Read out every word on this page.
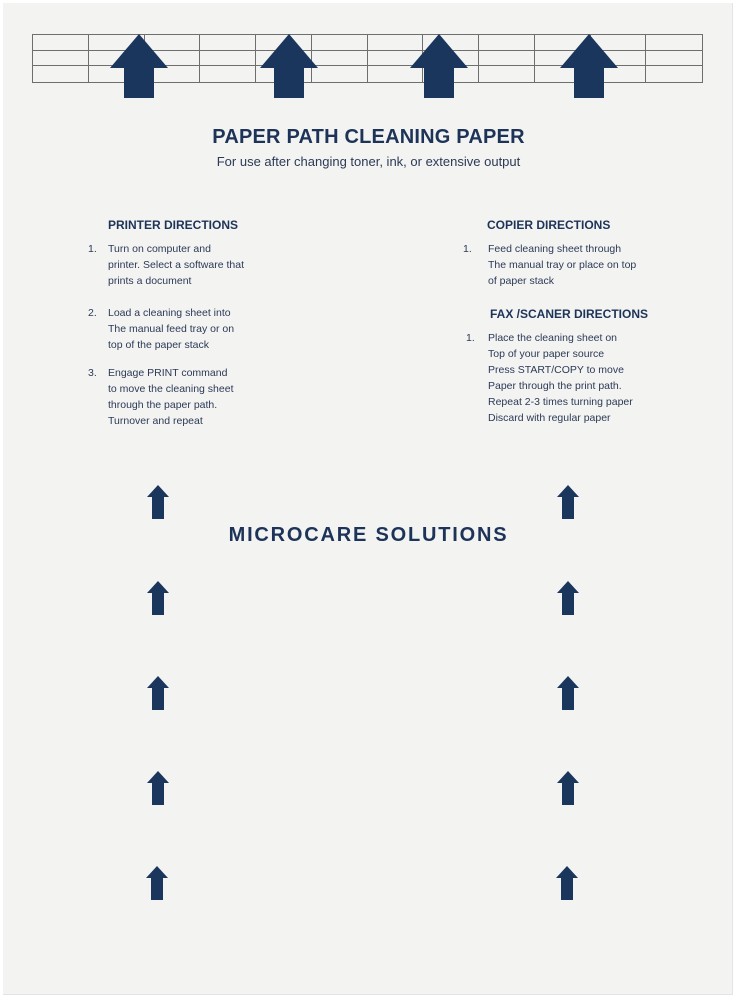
PAPER PATH CLEANING PAPER
For use after changing toner, ink, or extensive output
PRINTER DIRECTIONS
1. Turn on computer and
printer. Select a software that
prints a document
2. Load a cleaning sheet into
The manual feed tray or on
top of the paper stack
3. Engage PRINT command
to move the cleaning sheet
through the paper path.
Turnover and repeat
COPIER DIRECTIONS
1. Feed cleaning sheet through
The manual tray or place on top
of paper stack
FAX /SCANER DIRECTIONS
1. Place the cleaning sheet on
Top of your paper source
Press START/COPY to move
Paper through the print path.
Repeat 2-3 times turning paper
Discard with regular paper
MICROCARE SOLUTIONS
